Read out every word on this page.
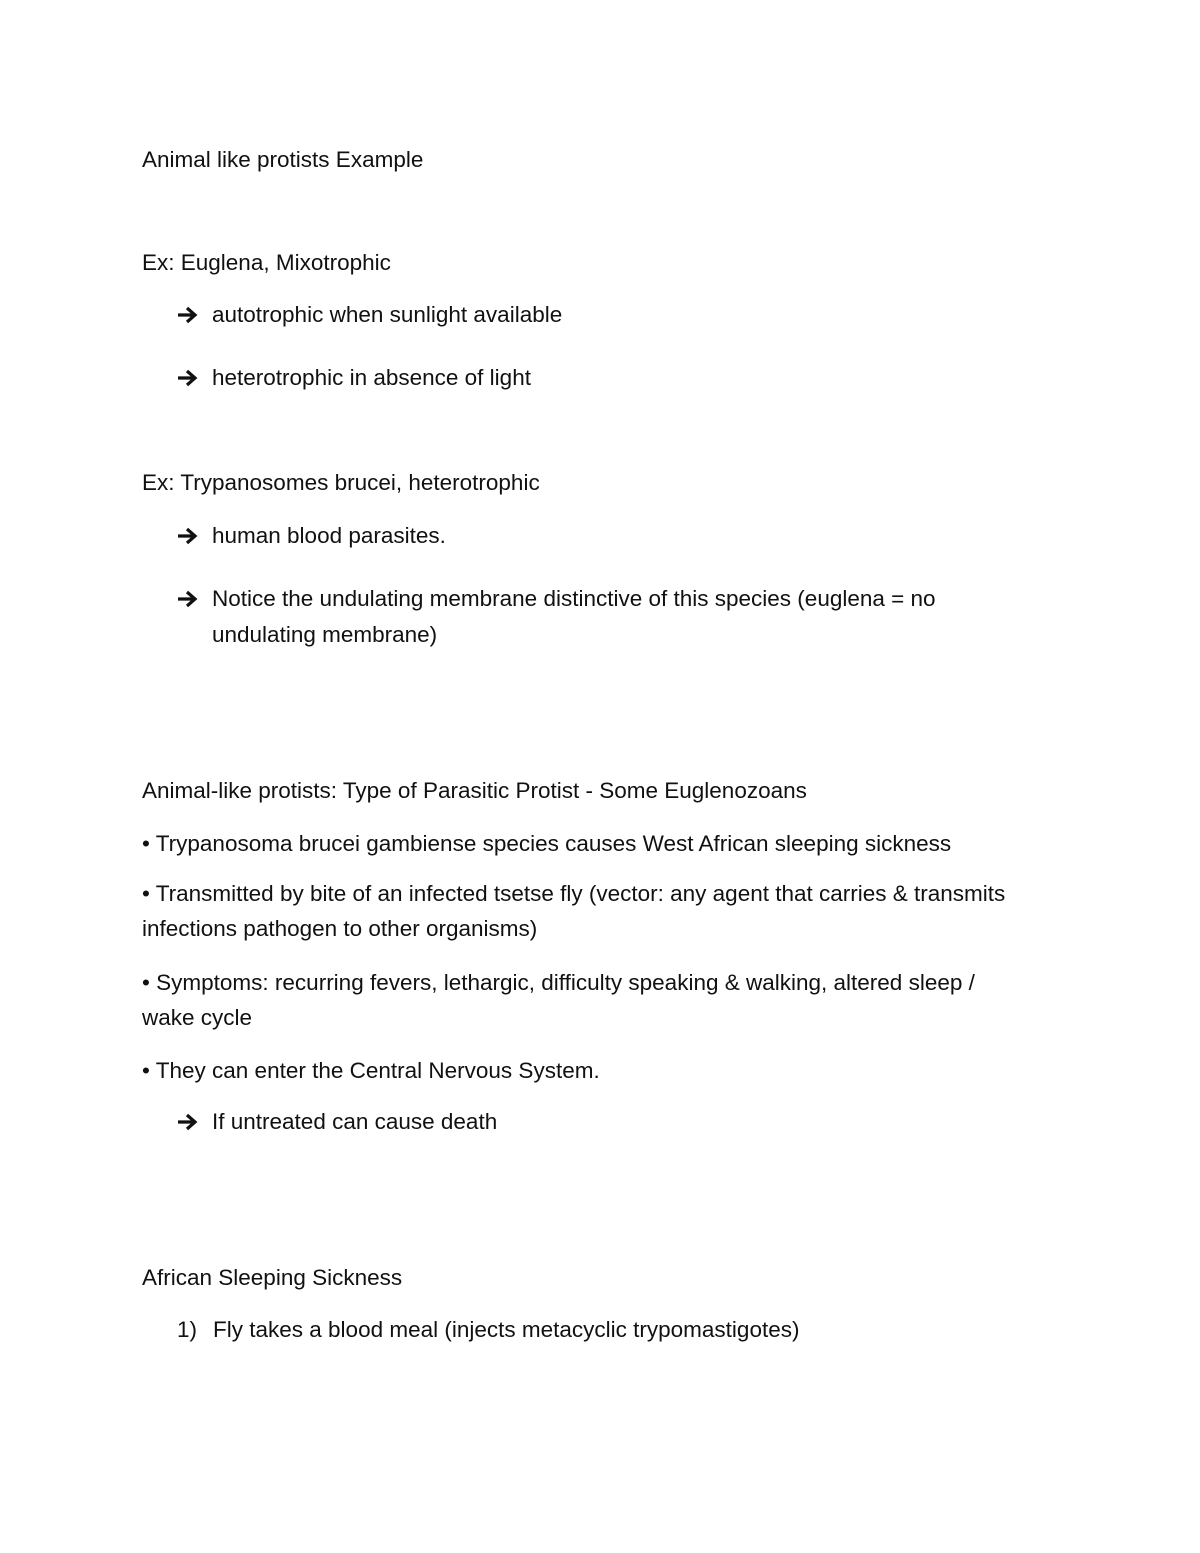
Animal like protists Example
Ex: Euglena, Mixotrophic
autotrophic when sunlight available
heterotrophic in absence of light
Ex: Trypanosomes brucei, heterotrophic
human blood parasites.
Notice the undulating membrane distinctive of this species (euglena = no undulating membrane)
Animal-like protists: Type of Parasitic Protist - Some Euglenozoans
• Trypanosoma brucei gambiense species causes West African sleeping sickness
• Transmitted by bite of an infected tsetse fly (vector: any agent that carries & transmits infections pathogen to other organisms)
• Symptoms: recurring fevers, lethargic, difficulty speaking & walking, altered sleep / wake cycle
• They can enter the Central Nervous System.
If untreated can cause death
African Sleeping Sickness
1) Fly takes a blood meal (injects metacyclic trypomastigotes)
